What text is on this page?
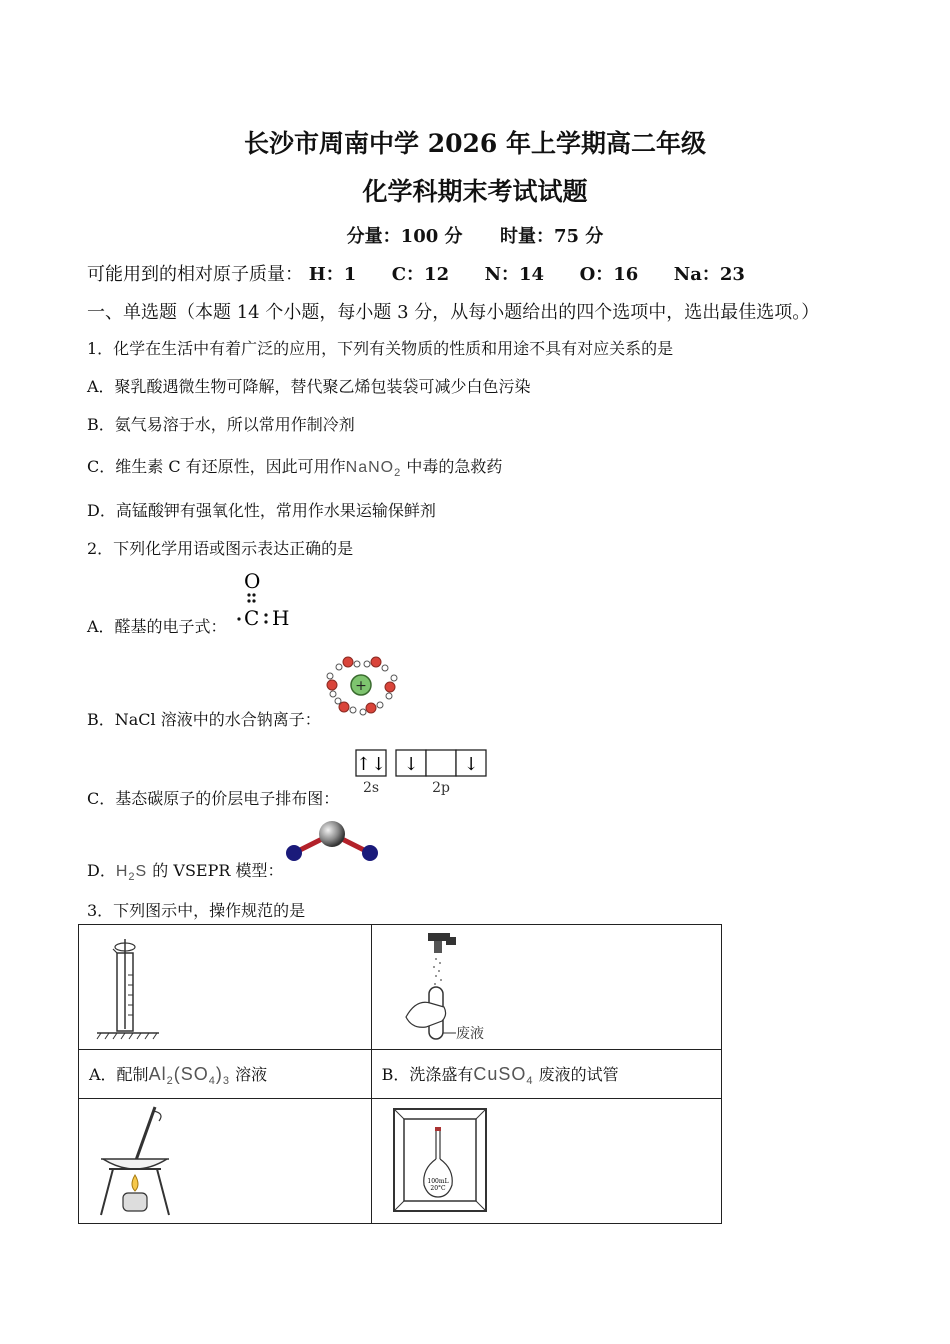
长沙市周南中学 2026 年上学期高二年级
化学科期末考试试题
分量：100 分 时量：75 分
可能用到的相对原子质量： H：1 C：12 N：14 O：16 Na：23
一、单选题（本题 14 个小题，每小题 3 分，从每小题给出的四个选项中，选出最佳选项。）
1．化学在生活中有着广泛的应用，下列有关物质的性质和用途不具有对应关系的是
A．聚乳酸遇微生物可降解，替代聚乙烯包装袋可减少白色污染
B．氨气易溶于水，所以常用作制冷剂
C．维生素 C 有还原性，因此可用作NaNO$_2$ 中毒的急救药
D．高锰酸钾有强氧化性，常用作水果运输保鲜剂
2．下列化学用语或图示表达正确的是
A．醛基的电子式：
O
C H
B．NaCl 溶液中的水合钠离子：
+
C．基态碳原子的价层电子排布图：
↑↓ ↓ ↓
2s	2p
D．$H_2S$ 的 VSEPR 模型：
3．下列图示中，操作规范的是

废液

A．配制$Al_2(SO_4)_3$ 溶液	B．洗涤盛有CuSO$_4$ 废液的试管

100mL
20°C
